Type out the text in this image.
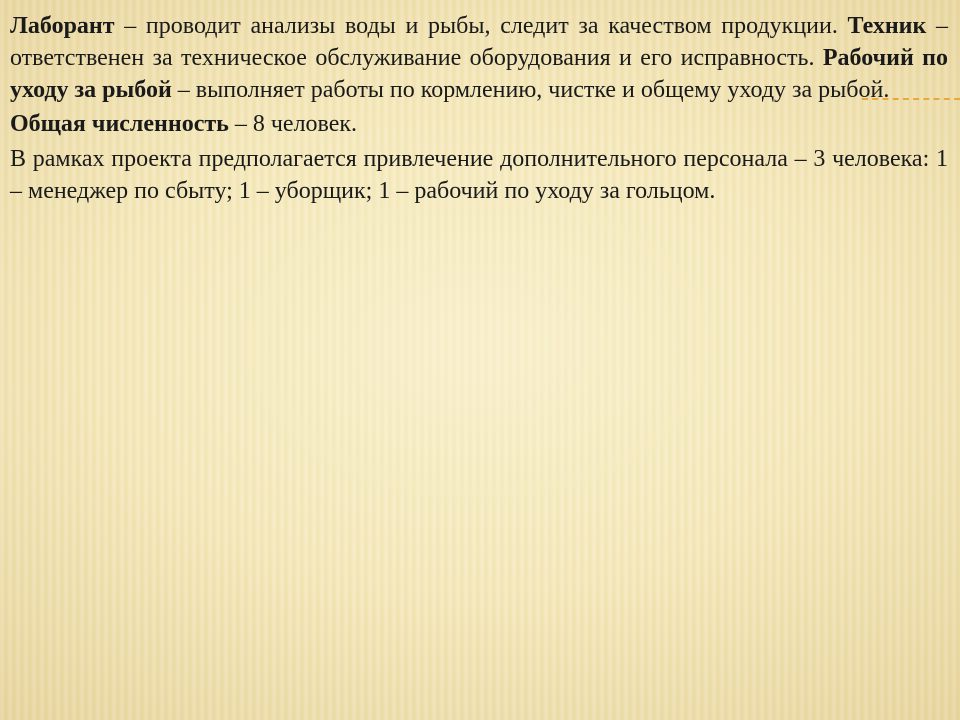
Лаборант – проводит анализы воды и рыбы, следит за качеством продукции. Техник – ответственен за техническое обслуживание оборудования и его исправность. Рабочий по уходу за рыбой – выполняет работы по кормлению, чистке и общему уходу за рыбой.

Общая численность – 8 человек.

В рамках проекта предполагается привлечение дополнительного персонала – 3 человека: 1 – менеджер по сбыту; 1 – уборщик; 1 – рабочий по уходу за гольцом.
